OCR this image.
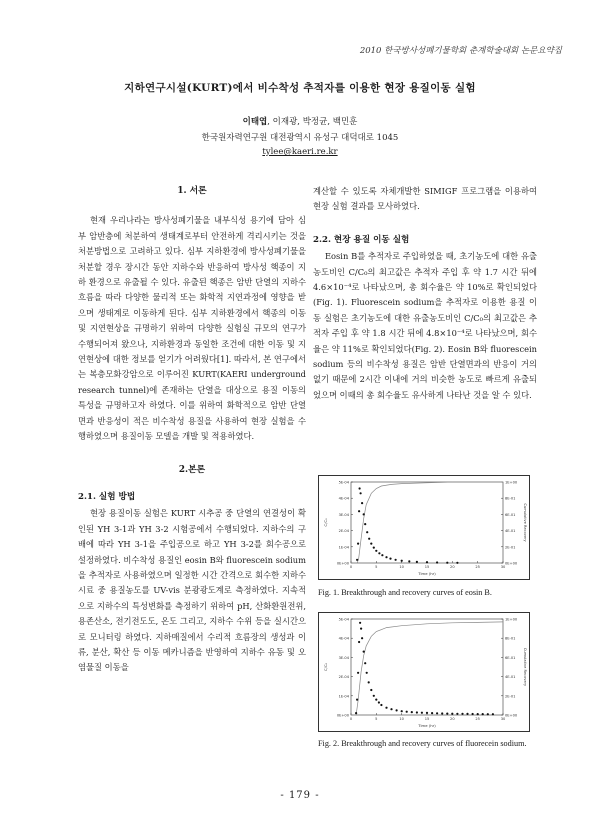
2010 한국방사성폐기물학회 춘계학술대회 논문요약집
지하연구시설(KURT)에서 비수착성 추적자를 이용한 현장 용질이동 실험
이태엽, 이재광, 박정균, 백민훈
한국원자력연구원 대전광역시 유성구 대덕대로 1045
tylee@kaeri.re.kr
1. 서론

현재 우리나라는 방사성폐기물을 내부식성 용기에 담아 심부 암반층에 처분하여 생태계로부터 안전하게 격리시키는 것을 처분방법으로 고려하고 있다. 심부 지하환경에 방사성폐기물을 처분할 경우 장시간 동안 지하수와 반응하여 방사성 핵종이 지하 환경으로 유출될 수 있다. 유출된 핵종은 암반 단열의 지하수 흐름을 따라 다양한 물리적 또는 화학적 지연과정에 영향을 받으며 생태계로 이동하게 된다. 심부 지하환경에서 핵종의 이동 및 지연현상을 규명하기 위하여 다양한 실험실 규모의 연구가 수행되어져 왔으나, 지하환경과 동일한 조건에 대한 이동 및 지연현상에 대한 정보를 얻기가 어려웠다[1]. 따라서, 본 연구에서는 복층모화강암으로 이루어진 KURT(KAERI underground research tunnel)에 존재하는 단열을 대상으로 용질 이동의 특성을 규명하고자 하였다. 이를 위하여 화학적으로 암반 단열면과 반응성이 적은 비수착성 용질을 사용하여 현장 실험을 수행하였으며 용질이동 모델을 개발 및 적용하였다.

2.본론
2.1. 실험 방법

현장 용질이동 실험은 KURT 시추공 중 단열의 연결성이 확인된 YH 3-1과 YH 3-2 시험공에서 수행되었다. 지하수의 구배에 따라 YH 3-1을 주입공으로 하고 YH 3-2를 회수공으로 설정하였다. 비수착성 용질인 eosin B와 fluorescein sodium을 추적자로 사용하였으며 일정한 시간 간격으로 회수한 지하수 시료 중 용질농도를 UV-vis 분광광도계로 측정하였다. 지속적으로 지하수의 특성변화를 측정하기 위하여 pH, 산화환원전위, 용존산소, 전기전도도, 온도 그리고, 지하수 수위 등을 실시간으로 모니터링 하였다. 지하매질에서 수리적 흐름장의 생성과 이류, 분산, 확산 등 이동 메카니즘을 반영하여 지하수 유동 및 오염물질 이동을

계산할 수 있도록 자체개발한 SIMIGF 프로그램을 이용하여 현장 실험 결과를 모사하였다.

2.2. 현장 용질 이동 실험

Eosin B를 추적자로 주입하였을 때, 초기농도에 대한 유출농도비인 C/C₀의 최고값은 추적자 주입 후 약 1.7 시간 뒤에 4.6×10⁻⁴로 나타났으며, 총 회수율은 약 10%로 확인되었다(Fig. 1). Fluorescein sodium을 추적자로 이용한 용질 이동 실험은 초기농도에 대한 유출농도비인 C/C₀의 최고값은 추적자 주입 후 약 1.8 시간 뒤에 4.8×10⁻⁴로 나타났으며, 회수율은 약 11%로 확인되었다(Fig. 2). Eosin B와 fluorescein sodium 등의 비수착성 용질은 암반 단열면과의 반응이 거의 없기 때문에 2시간 이내에 거의 비슷한 농도로 빠르게 유출되었으며 이때의 총 회수율도 유사하게 나타난 것을 알 수 있다.

5E-04
4E-04
3E-04
2E-04
1E-04
0E+00
1E+00
8E-01
6E-01
4E-01
2E-01
0E+00
0	5	10	15	20	25	30
Time (hr)
C/C₀	Cumulative Recovery
Fig. 1. Breakthrough and recovery curves of eosin B.
5E-04
4E-04
3E-04
2E-04
1E-04
0E+00
1E+00
8E-01
6E-01
4E-01
2E-01
0E+00
0	5	10	15	20	25	30
Time (hr)
C/C₀	Cumulative Recovery
Fig. 2. Breakthrough and recovery curves of fluorecein sodium.
- 179 -
